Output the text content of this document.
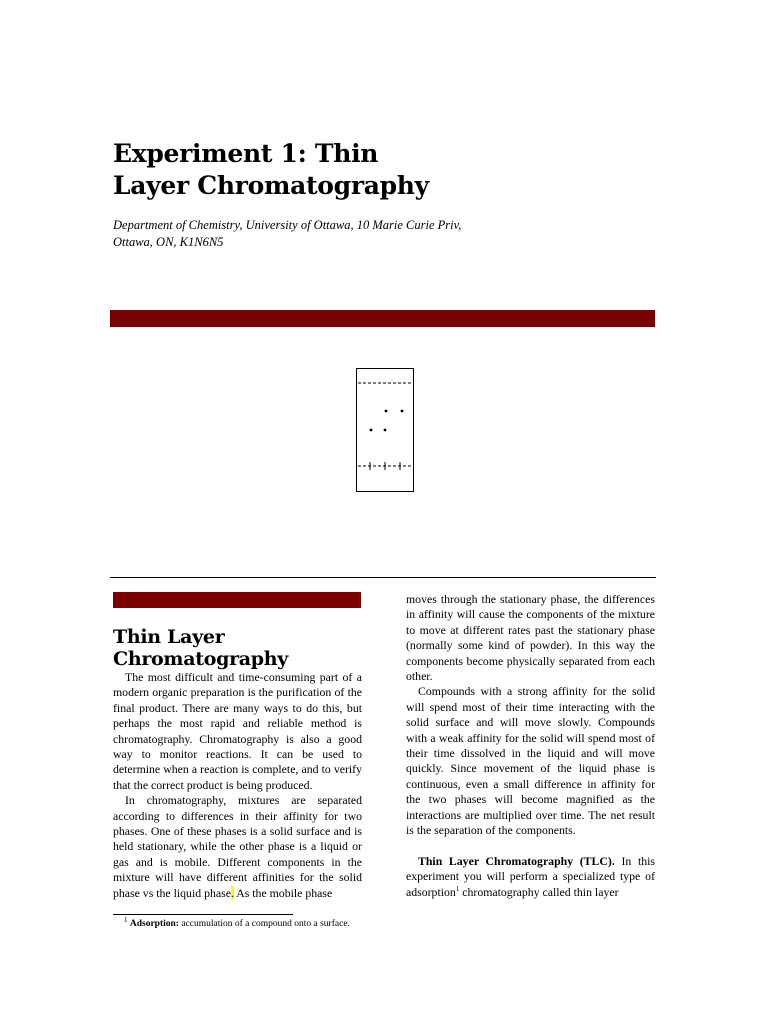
Experiment 1: Thin
Layer Chromatography
Department of Chemistry, University of Ottawa, 10 Marie Curie Priv,
Ottawa, ON, K1N6N5
Thin Layer
Chromatography

The most difficult and time-consuming part of a modern organic preparation is the purification of the final product. There are many ways to do this, but perhaps the most rapid and reliable method is chromatography. Chromatography is also a good way to monitor reactions. It can be used to determine when a reaction is complete, and to verify that the correct product is being produced.

In chromatography, mixtures are separated according to differences in their affinity for two phases. One of these phases is a solid surface and is held stationary, while the other phase is a liquid or gas and is mobile. Different components in the mixture will have different affinities for the solid phase vs the liquid phase. As the mobile phase

moves through the stationary phase, the differences in affinity will cause the components of the mixture to move at different rates past the stationary phase (normally some kind of powder). In this way the components become physically separated from each other.

Compounds with a strong affinity for the solid will spend most of their time interacting with the solid surface and will move slowly. Compounds with a weak affinity for the solid will spend most of their time dissolved in the liquid and will move quickly. Since movement of the liquid phase is continuous, even a small difference in affinity for the two phases will become magnified as the interactions are multiplied over time. The net result is the separation of the components.

Thin Layer Chromatography (TLC). In this experiment you will perform a specialized type of adsorption$^1$ chromatography called thin layer

$^1$ Adsorption: accumulation of a compound onto a surface.
